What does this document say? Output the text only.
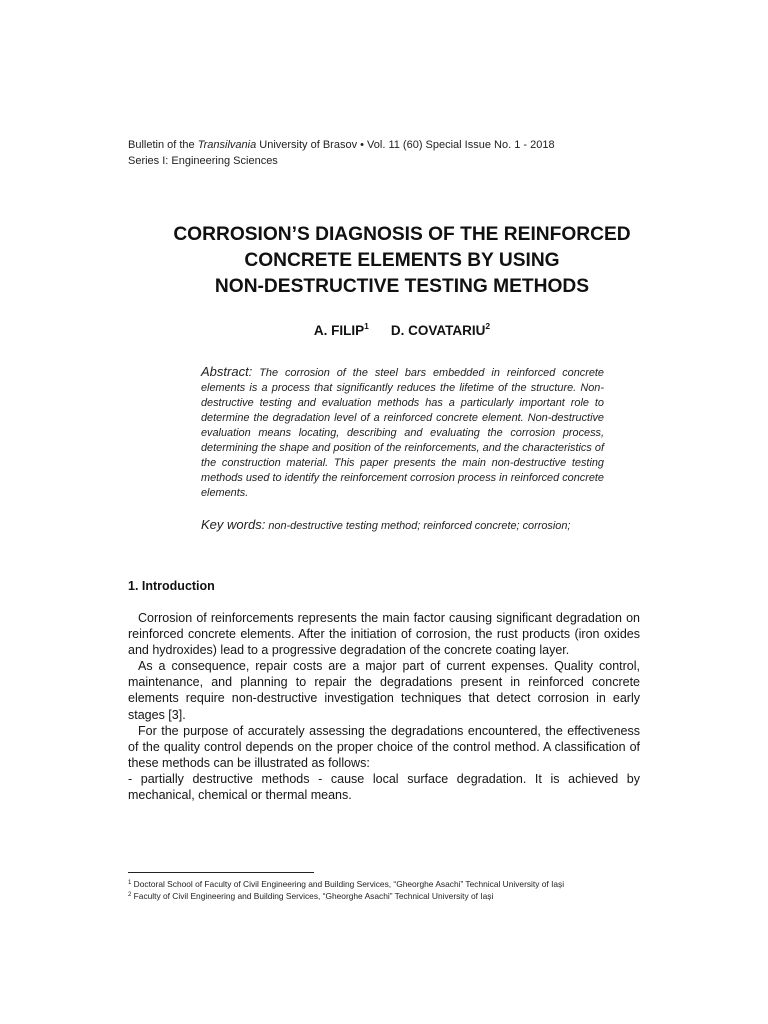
Bulletin of the Transilvania University of Brasov • Vol. 11 (60) Special Issue No. 1 - 2018
Series I: Engineering Sciences
CORROSION’S DIAGNOSIS OF THE REINFORCED
CONCRETE ELEMENTS BY USING
NON-DESTRUCTIVE TESTING METHODS
A. FILIP$^1$ D. COVATARIU$^2$
Abstract: The corrosion of the steel bars embedded in reinforced concrete elements is a process that significantly reduces the lifetime of the structure. Non-destructive testing and evaluation methods has a particularly important role to determine the degradation level of a reinforced concrete element. Non-destructive evaluation means locating, describing and evaluating the corrosion process, determining the shape and position of the reinforcements, and the characteristics of the construction material. This paper presents the main non-destructive testing methods used to identify the reinforcement corrosion process in reinforced concrete elements.
Key words: non-destructive testing method; reinforced concrete; corrosion;
1. Introduction

Corrosion of reinforcements represents the main factor causing significant degradation on reinforced concrete elements. After the initiation of corrosion, the rust products (iron oxides and hydroxides) lead to a progressive degradation of the concrete coating layer.

As a consequence, repair costs are a major part of current expenses. Quality control, maintenance, and planning to repair the degradations present in reinforced concrete elements require non-destructive investigation techniques that detect corrosion in early stages [3].

For the purpose of accurately assessing the degradations encountered, the effectiveness of the quality control depends on the proper choice of the control method. A classification of these methods can be illustrated as follows:

- partially destructive methods - cause local surface degradation. It is achieved by mechanical, chemical or thermal means.

$^1$ Doctoral School of Faculty of Civil Engineering and Building Services, “Gheorghe Asachi” Technical University of Iași
$^2$ Faculty of Civil Engineering and Building Services, “Gheorghe Asachi” Technical University of Iași
